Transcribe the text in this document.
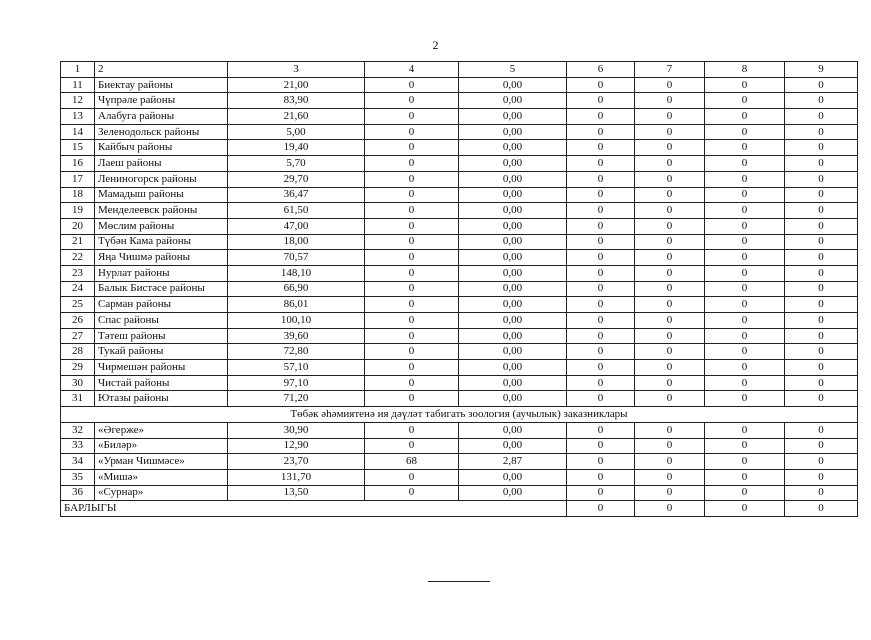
2
1	2	3	4	5	6	7	8	9
11	Биектау районы	21,00	0	0,00	0	0	0	0
12	Чүпрәле районы	83,90	0	0,00	0	0	0	0
13	Алабуга районы	21,60	0	0,00	0	0	0	0
14	Зеленодольск районы	5,00	0	0,00	0	0	0	0
15	Кайбыч районы	19,40	0	0,00	0	0	0	0
16	Лаеш районы	5,70	0	0,00	0	0	0	0
17	Лениногорск районы	29,70	0	0,00	0	0	0	0
18	Мамадыш районы	36,47	0	0,00	0	0	0	0
19	Менделеевск районы	61,50	0	0,00	0	0	0	0
20	Мөслим районы	47,00	0	0,00	0	0	0	0
21	Түбән Кама районы	18,00	0	0,00	0	0	0	0
22	Яңа Чишмә районы	70,57	0	0,00	0	0	0	0
23	Нурлат районы	148,10	0	0,00	0	0	0	0
24	Балык Бистәсе районы	66,90	0	0,00	0	0	0	0
25	Сарман районы	86,01	0	0,00	0	0	0	0
26	Спас районы	100,10	0	0,00	0	0	0	0
27	Тәтеш районы	39,60	0	0,00	0	0	0	0
28	Тукай районы	72,80	0	0,00	0	0	0	0
29	Чирмешән районы	57,10	0	0,00	0	0	0	0
30	Чистай районы	97,10	0	0,00	0	0	0	0
31	Ютазы районы	71,20	0	0,00	0	0	0	0
Төбәк әһәмиятенә ия дәүләт табигать зоология (аучылык) заказниклары								
32	«Әгерже»	30,90	0	0,00	0	0	0	0
33	«Биләр»	12,90	0	0,00	0	0	0	0
34	«Урман Чишмәсе»	23,70	68	2,87	0	0	0	0
35	«Мишә»	131,70	0	0,00	0	0	0	0
36	«Сурнар»	13,50	0	0,00	0	0	0	0
БАРЛЫГЫ					0	0	0	0
